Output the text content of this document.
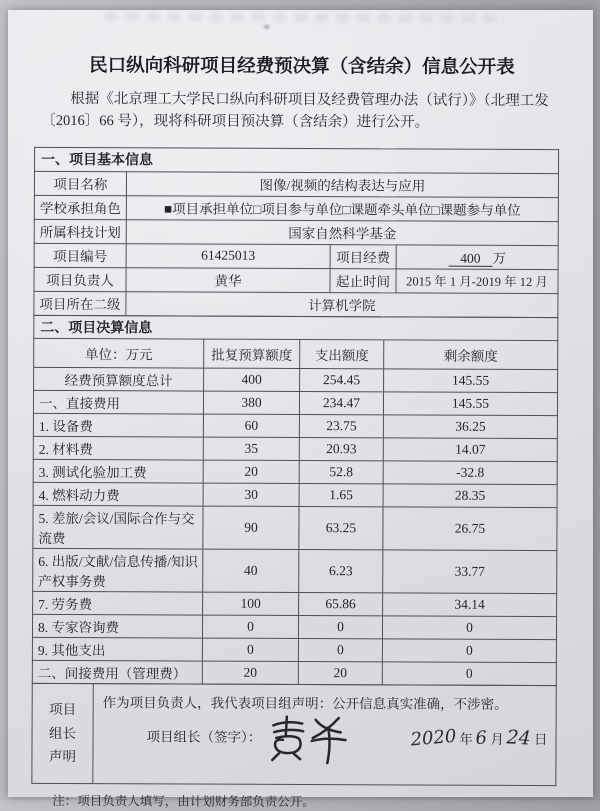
民口纵向科研项目经费预决算（含结余）信息公开表

根据《北京理工大学民口纵向科研项目及经费管理办法（试行）》（北理工发〔2016〕66 号），现将科研项目预决算（含结余）进行公开。

一、项目基本信息			
项目名称	图像/视频的结构表达与应用		
学校承担角色	■项目承担单位□项目参与单位□课题牵头单位□课题参与单位		
所属科技计划	国家自然科学基金		
项目编号	61425013	项目经费	400 万
项目负责人	黄华	起止时间	2015 年 1 月-2019 年 12 月
项目所在二级	计算机学院		
二、项目决算信息			
单位：万元	批复预算额度	支出额度	剩余额度
经费预算额度总计	400	254.45	145.55
一、直接费用	380	234.47	145.55
1. 设备费	60	23.75	36.25
2. 材料费	35	20.93	14.07
3. 测试化验加工费	20	52.8	-32.8
4. 燃料动力费	30	1.65	28.35
5. 差旅/会议/国际合作与交流费	90	63.25	26.75
6. 出版/文献/信息传播/知识产权事务费	40	6.23	33.77
7. 劳务费	100	65.86	34.14
8. 专家咨询费	0	0	0
9. 其他支出	0	0	0
二、间接费用（管理费）	20	20	0
项目
组长
声明

作为项目负责人，我代表项目组声明：公开信息真实准确，不涉密。
项目组长（签字）：	2020 年 6 月 24 日
注：项目负责人填写，由计划财务部负责公开。
